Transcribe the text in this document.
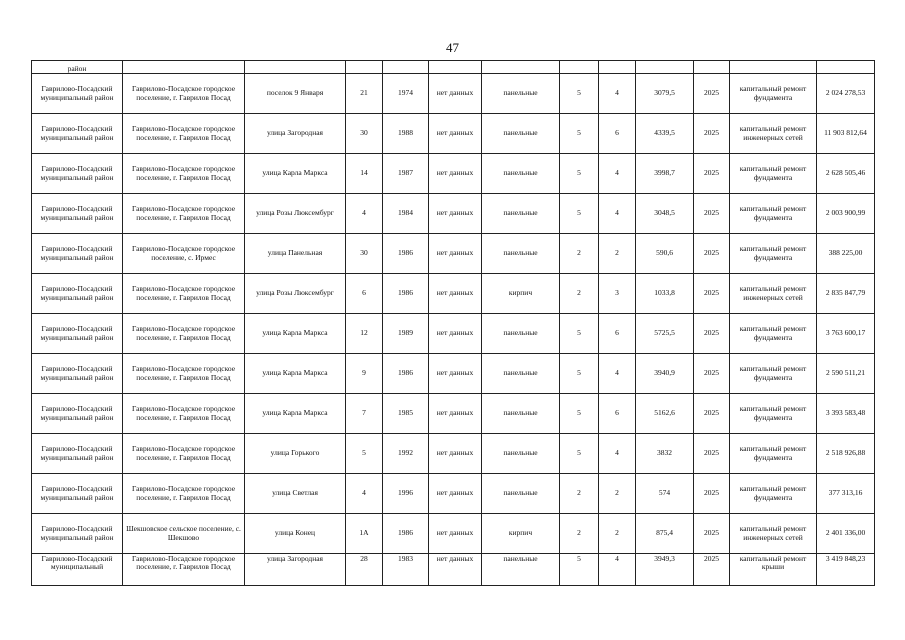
47
район												
Гаврилово-Посадский муниципальный район	Гаврилово-Посадское городское поселение, г. Гаврилов Посад	поселок 9 Января	21	1974	нет данных	панельные	5	4	3079,5	2025	капитальный ремонт фундамента	2 024 278,53
Гаврилово-Посадский муниципальный район	Гаврилово-Посадское городское поселение, г. Гаврилов Посад	улица Загородная	30	1988	нет данных	панельные	5	6	4339,5	2025	капитальный ремонт инженерных сетей	11 903 812,64
Гаврилово-Посадский муниципальный район	Гаврилово-Посадское городское поселение, г. Гаврилов Посад	улица Карла Маркса	14	1987	нет данных	панельные	5	4	3998,7	2025	капитальный ремонт фундамента	2 628 505,46
Гаврилово-Посадский муниципальный район	Гаврилово-Посадское городское поселение, г. Гаврилов Посад	улица Розы Люксембург	4	1984	нет данных	панельные	5	4	3048,5	2025	капитальный ремонт фундамента	2 003 900,99
Гаврилово-Посадский муниципальный район	Гаврилово-Посадское городское поселение, с. Ирмес	улица Панельная	30	1986	нет данных	панельные	2	2	590,6	2025	капитальный ремонт фундамента	388 225,00
Гаврилово-Посадский муниципальный район	Гаврилово-Посадское городское поселение, г. Гаврилов Посад	улица Розы Люксембург	6	1986	нет данных	кирпич	2	3	1033,8	2025	капитальный ремонт инженерных сетей	2 835 847,79
Гаврилово-Посадский муниципальный район	Гаврилово-Посадское городское поселение, г. Гаврилов Посад	улица Карла Маркса	12	1989	нет данных	панельные	5	6	5725,5	2025	капитальный ремонт фундамента	3 763 600,17
Гаврилово-Посадский муниципальный район	Гаврилово-Посадское городское поселение, г. Гаврилов Посад	улица Карла Маркса	9	1986	нет данных	панельные	5	4	3940,9	2025	капитальный ремонт фундамента	2 590 511,21
Гаврилово-Посадский муниципальный район	Гаврилово-Посадское городское поселение, г. Гаврилов Посад	улица Карла Маркса	7	1985	нет данных	панельные	5	6	5162,6	2025	капитальный ремонт фундамента	3 393 583,48
Гаврилово-Посадский муниципальный район	Гаврилово-Посадское городское поселение, г. Гаврилов Посад	улица Горького	5	1992	нет данных	панельные	5	4	3832	2025	капитальный ремонт фундамента	2 518 926,88
Гаврилово-Посадский муниципальный район	Гаврилово-Посадское городское поселение, г. Гаврилов Посад	улица Светлая	4	1996	нет данных	панельные	2	2	574	2025	капитальный ремонт фундамента	377 313,16
Гаврилово-Посадский муниципальный район	Шекшовское сельское поселение, с. Шекшово	улица Конец	1А	1986	нет данных	кирпич	2	2	875,4	2025	капитальный ремонт инженерных сетей	2 401 336,00
Гаврилово-Посадский муниципальный	Гаврилово-Посадское городское поселение, г. Гаврилов Посад	улица Загородная	28	1983	нет данных	панельные	5	4	3949,3	2025	капитальный ремонт крыши	3 419 848,23
